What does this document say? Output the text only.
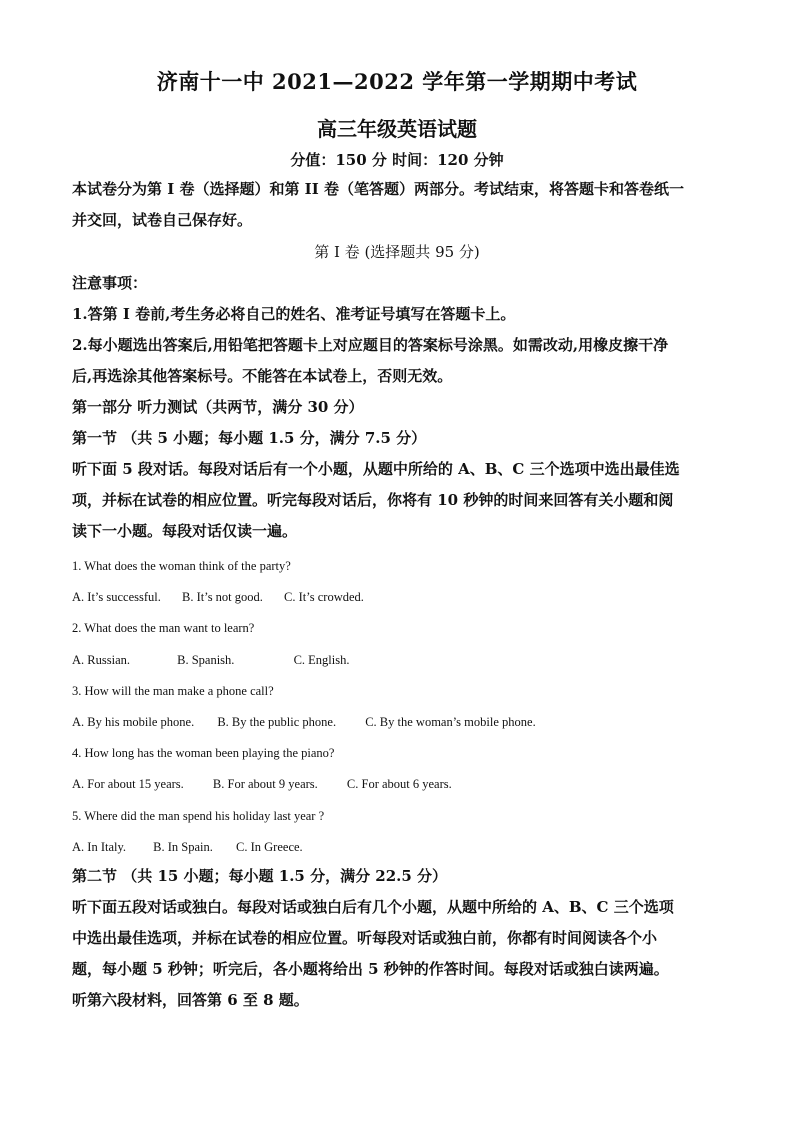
济南十一中 2021—2022 学年第一学期期中考试
高三年级英语试题
分值：150 分 时间：120 分钟
本试卷分为第 I 卷（选择题）和第 II 卷（笔答题）两部分。考试结束，将答题卡和答卷纸一
并交回，试卷自己保存好。
第 I 卷 (选择题共 95 分)
注意事项：
1.答第 I 卷前,考生务必将自己的姓名、准考证号填写在答题卡上。
2.每小题选出答案后,用铅笔把答题卡上对应题目的答案标号涂黑。如需改动,用橡皮擦干净
后,再选涂其他答案标号。不能答在本试卷上，否则无效。
第一部分 听力测试（共两节，满分 30 分）
第一节 （共 5 小题；每小题 1.5 分，满分 7.5 分）
听下面 5 段对话。每段对话后有一个小题，从题中所给的 A、B、C 三个选项中选出最佳选
项，并标在试卷的相应位置。听完每段对话后，你将有 10 秒钟的时间来回答有关小题和阅
读下一小题。每段对话仅读一遍。
1. What does the woman think of the party?
A. It’s successful. B. It’s not good. C. It’s crowded.
2. What does the man want to learn?
A. Russian.	B. Spanish.	C. English.
3. How will the man make a phone call?
A. By his mobile phone. B. By the public phone. C. By the woman’s mobile phone.
4. How long has the woman been playing the piano?
A. For about 15 years. B. For about 9 years. C. For about 6 years.
5. Where did the man spend his holiday last year ?
A. In Italy. B. In Spain. C. In Greece.
第二节 （共 15 小题；每小题 1.5 分，满分 22.5 分）
听下面五段对话或独白。每段对话或独白后有几个小题，从题中所给的 A、B、C 三个选项
中选出最佳选项，并标在试卷的相应位置。听每段对话或独白前，你都有时间阅读各个小
题，每小题 5 秒钟；听完后，各小题将给出 5 秒钟的作答时间。每段对话或独白读两遍。
听第六段材料，回答第 6 至 8 题。
